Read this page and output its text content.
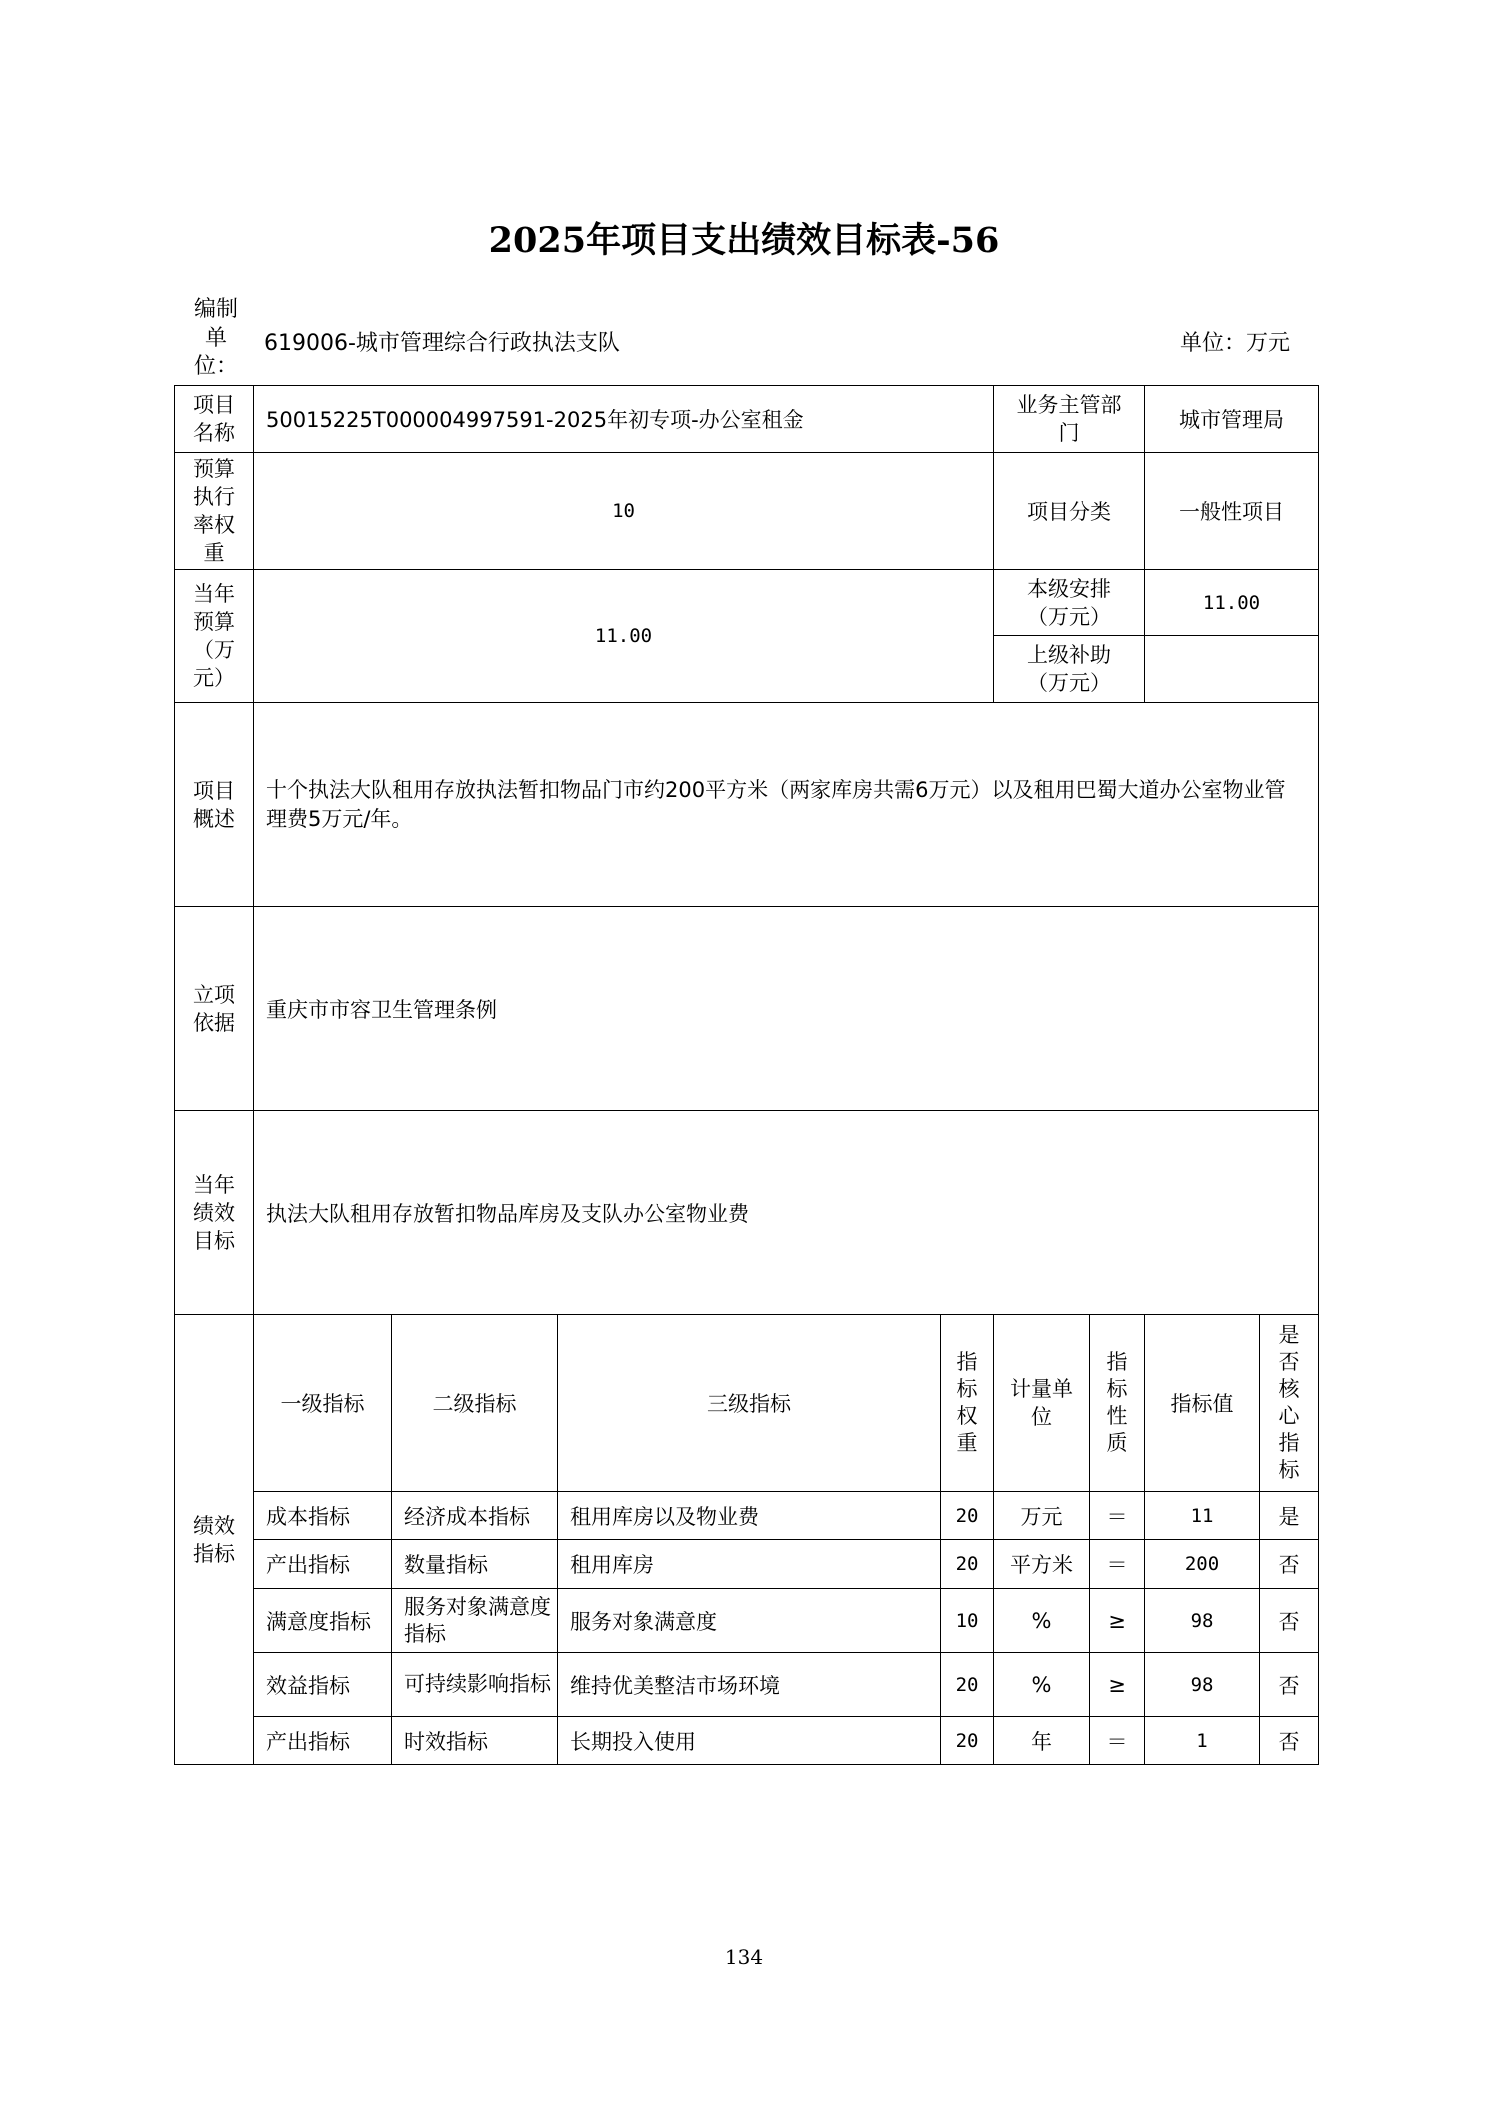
2025年项目支出绩效目标表-56
编制单位：
619006-城市管理综合行政执法支队	单位：万元
项目名称	50015225T000004997591-2025年初专项-办公室租金				业务主管部门		城市管理局	

预算执行率权重	10				项目分类		一般性项目	

当年预算（万元）	11.00				本级安排（万元）		11.00	

					上级补助（万元）			

项目概述	十个执法大队租用存放执法暂扣物品门市约200平方米（两家库房共需6万元）以及租用巴蜀大道办公室物业管理费5万元/年。							

立项依据	重庆市市容卫生管理条例							

当年绩效目标	执法大队租用存放暂扣物品库房及支队办公室物业费							

绩效指标	一级指标	二级指标	三级指标	指标权重	计量单位	指标性质	指标值	是否核心指标

	成本指标	经济成本指标	租用库房以及物业费	20	万元	＝	11	是
	产出指标	数量指标	租用库房	20	平方米	＝	200	否
	满意度指标	服务对象满意度指标	服务对象满意度	10	%	≥	98	否
	效益指标	可持续影响指标	维持优美整洁市场环境	20	%	≥	98	否
	产出指标	时效指标	长期投入使用	20	年	＝	1	否
134
